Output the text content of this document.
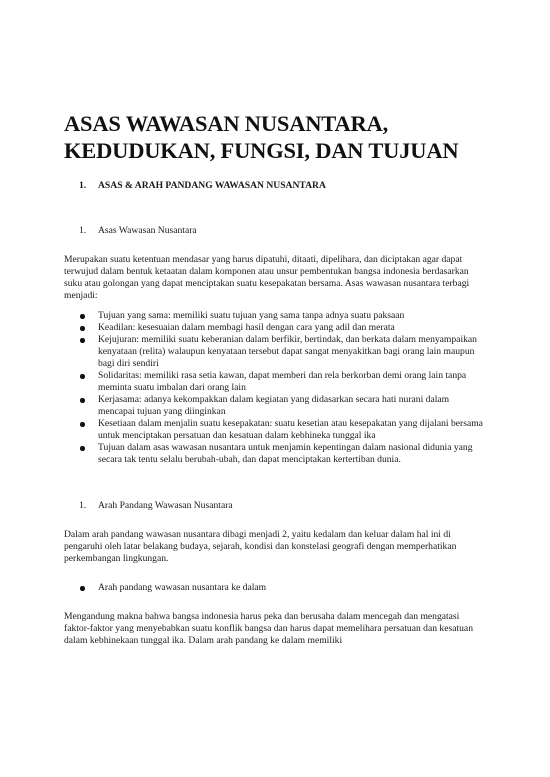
ASAS WAWASAN NUSANTARA,
KEDUDUKAN, FUNGSI, DAN TUJUAN
1. ASAS & ARAH PANDANG WAWASAN NUSANTARA
1. Asas Wawasan Nusantara

Merupakan suatu ketentuan mendasar yang harus dipatuhi, ditaati, dipelihara, dan diciptakan agar dapat terwujud dalam bentuk ketaatan dalam komponen atau unsur pembentukan bangsa indonesia berdasarkan suku atau golongan yang dapat menciptakan suatu kesepakatan bersama. Asas wawasan nusantara terbagi menjadi:

Tujuan yang sama: memiliki suatu tujuan yang sama tanpa adnya suatu paksaan
Keadilan: kesesuaian dalam membagi hasil dengan cara yang adil dan merata
Kejujuran: memiliki suatu keberanian dalam berfikir, bertindak, dan berkata dalam menyampaikan kenyataan (relita) walaupun kenyataan tersebut dapat sangat menyakitkan bagi orang lain maupun bagi diri sendiri
Solidaritas: memiliki rasa setia kawan, dapat memberi dan rela berkorban demi orang lain tanpa meminta suatu imbalan dari orang lain
Kerjasama: adanya kekompakkan dalam kegiatan yang didasarkan secara hati nurani dalam mencapai tujuan yang diinginkan
Kesetiaan dalam menjalin suatu kesepakatan: suatu kesetian atau kesepakatan yang dijalani bersama untuk menciptakan persatuan dan kesatuan dalam kebhineka tunggal ika
Tujuan dalam asas wawasan nusantara untuk menjamin kepentingan dalam nasional didunia yang secara tak tentu selalu berubah-ubah, dan dapat menciptakan kertertiban dunia.
1. Arah Pandang Wawasan Nusantara

Dalam arah pandang wawasan nusantara dibagi menjadi 2, yaitu kedalam dan keluar dalam hal ini di pengaruhi oleh latar belakang budaya, sejarah, kondisi dan konstelasi geografi dengan memperhatikan perkembangan lingkungan.

Arah pandang wawasan nusantara ke dalam

Mengandung makna bahwa bangsa indonesia harus peka dan berusaha dalam mencegah dan mengatasi faktor-faktor yang menyebabkan suatu konflik bangsa dan harus dapat memelihara persatuan dan kesatuan dalam kebhinekaan tunggal ika. Dalam arah pandang ke dalam memiliki
